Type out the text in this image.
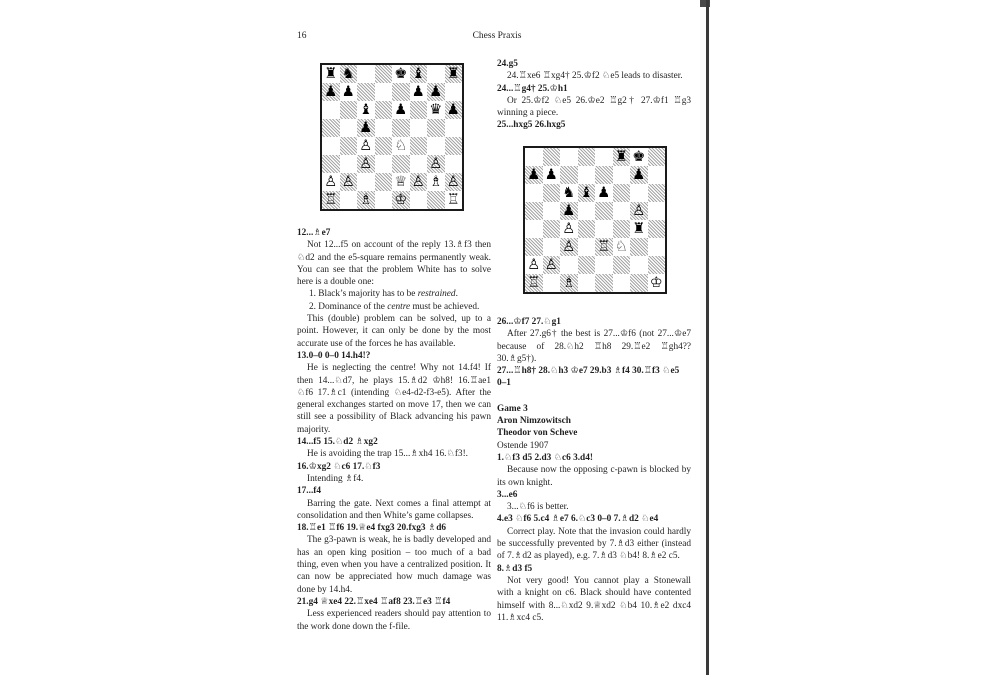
16	Chess Praxis
♜ ♞	♚ ♝ ♜
♟ ♟	♟ ♟
♝ ♟ ♛ ♟
♟
♙ ♘
♙	♙
♙ ♙	♕ ♙ ♗ ♙
♖ ♗ ♔	♖
♜ ♚
♟ ♟	♟
♞ ♝ ♟
♟	♙
♙	♜
♙ ♖ ♘
♙ ♙
♖ ♗	♔

12...♗e7

Not 12...f5 on account of the reply 13.♗f3 then ♘d2 and the e5-square remains permanently weak. You can see that the problem White has to solve here is a double one:

1. Black’s majority has to be restrained.

2. Dominance of the centre must be achieved.

This (double) problem can be solved, up to a point. However, it can only be done by the most accurate use of the forces he has available.

13.0–0 0–0 14.h4!?

He is neglecting the centre! Why not 14.f4! If then 14...♘d7, he plays 15.♗d2 ♔h8! 16.♖ae1 ♘f6 17.♗c1 (intending ♘e4-d2-f3-e5). After the general exchanges started on move 17, then we can still see a possibility of Black advancing his pawn majority.

14...f5 15.♘d2 ♗xg2

He is avoiding the trap 15...♗xh4 16.♘f3!.

16.♔xg2 ♘c6 17.♘f3

Intending ♗f4.

17...f4

Barring the gate. Next comes a final attempt at consolidation and then White’s game collapses.

18.♖e1 ♖f6 19.♕e4 fxg3 20.fxg3 ♗d6

The g3-pawn is weak, he is badly developed and has an open king position – too much of a bad thing, even when you have a centralized position. It can now be appreciated how much damage was done by 14.h4.

21.g4 ♕xe4 22.♖xe4 ♖af8 23.♖e3 ♖f4

Less experienced readers should pay attention to the work done down the f-file.

24.g5

24.♖xe6 ♖xg4† 25.♔f2 ♘e5 leads to disaster.

24...♖g4† 25.♔h1

Or 25.♔f2 ♘e5 26.♔e2 ♖g2† 27.♔f1 ♖g3 winning a piece.

25...hxg5 26.hxg5

26...♔f7 27.♘g1

After 27.g6† the best is 27...♔f6 (not 27...♔e7 because of 28.♘h2 ♖h8 29.♖e2 ♖gh4?? 30.♗g5†).

27...♖h8† 28.♘h3 ♔e7 29.b3 ♗f4 30.♖f3 ♘e5

0–1

Game 3

Aron Nimzowitsch

Theodor von Scheve

Ostende 1907

1.♘f3 d5 2.d3 ♘c6 3.d4!

Because now the opposing c-pawn is blocked by its own knight.

3...e6

3...♘f6 is better.

4.e3 ♘f6 5.c4 ♗e7 6.♘c3 0–0 7.♗d2 ♘e4

Correct play. Note that the invasion could hardly be successfully prevented by 7.♗d3 either (instead of 7.♗d2 as played), e.g. 7.♗d3 ♘b4! 8.♗e2 c5.

8.♗d3 f5

Not very good! You cannot play a Stonewall with a knight on c6. Black should have contented himself with 8...♘xd2 9.♕xd2 ♘b4 10.♗e2 dxc4 11.♗xc4 c5.
